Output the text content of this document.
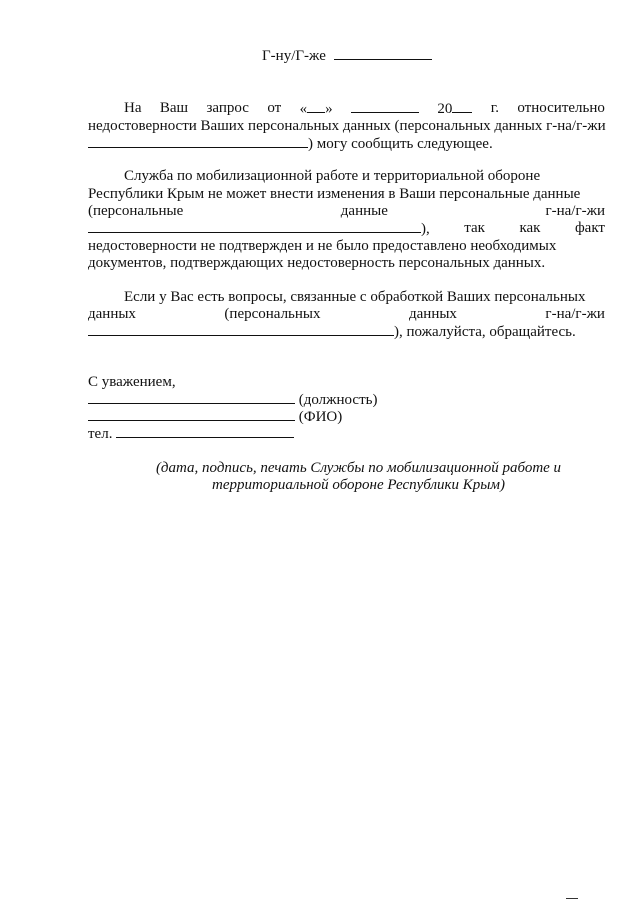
Г-ну/Г-же
На Ваш запрос от « »	20	г. относительно
недостоверности Ваших персональных данных (персональных данных г-на/г-жи
) могу сообщить следующее.
Служба по мобилизационной работе и территориальной обороне
Республики Крым не может внести изменения в Ваши персональные данные
(персональные	данные	г-на/г-жи
), так как факт
недостоверности не подтвержден и не было предоставлено необходимых
документов, подтверждающих недостоверность персональных данных.
Если у Вас есть вопросы, связанные с обработкой Ваших персональных
данных	(персональных	данных	г-на/г-жи
), пожалуйста, обращайтесь.
С уважением,
(должность)
(ФИО)
тел.
(дата, подпись, печать Службы по мобилизационной работе и
территориальной обороне Республики Крым)
